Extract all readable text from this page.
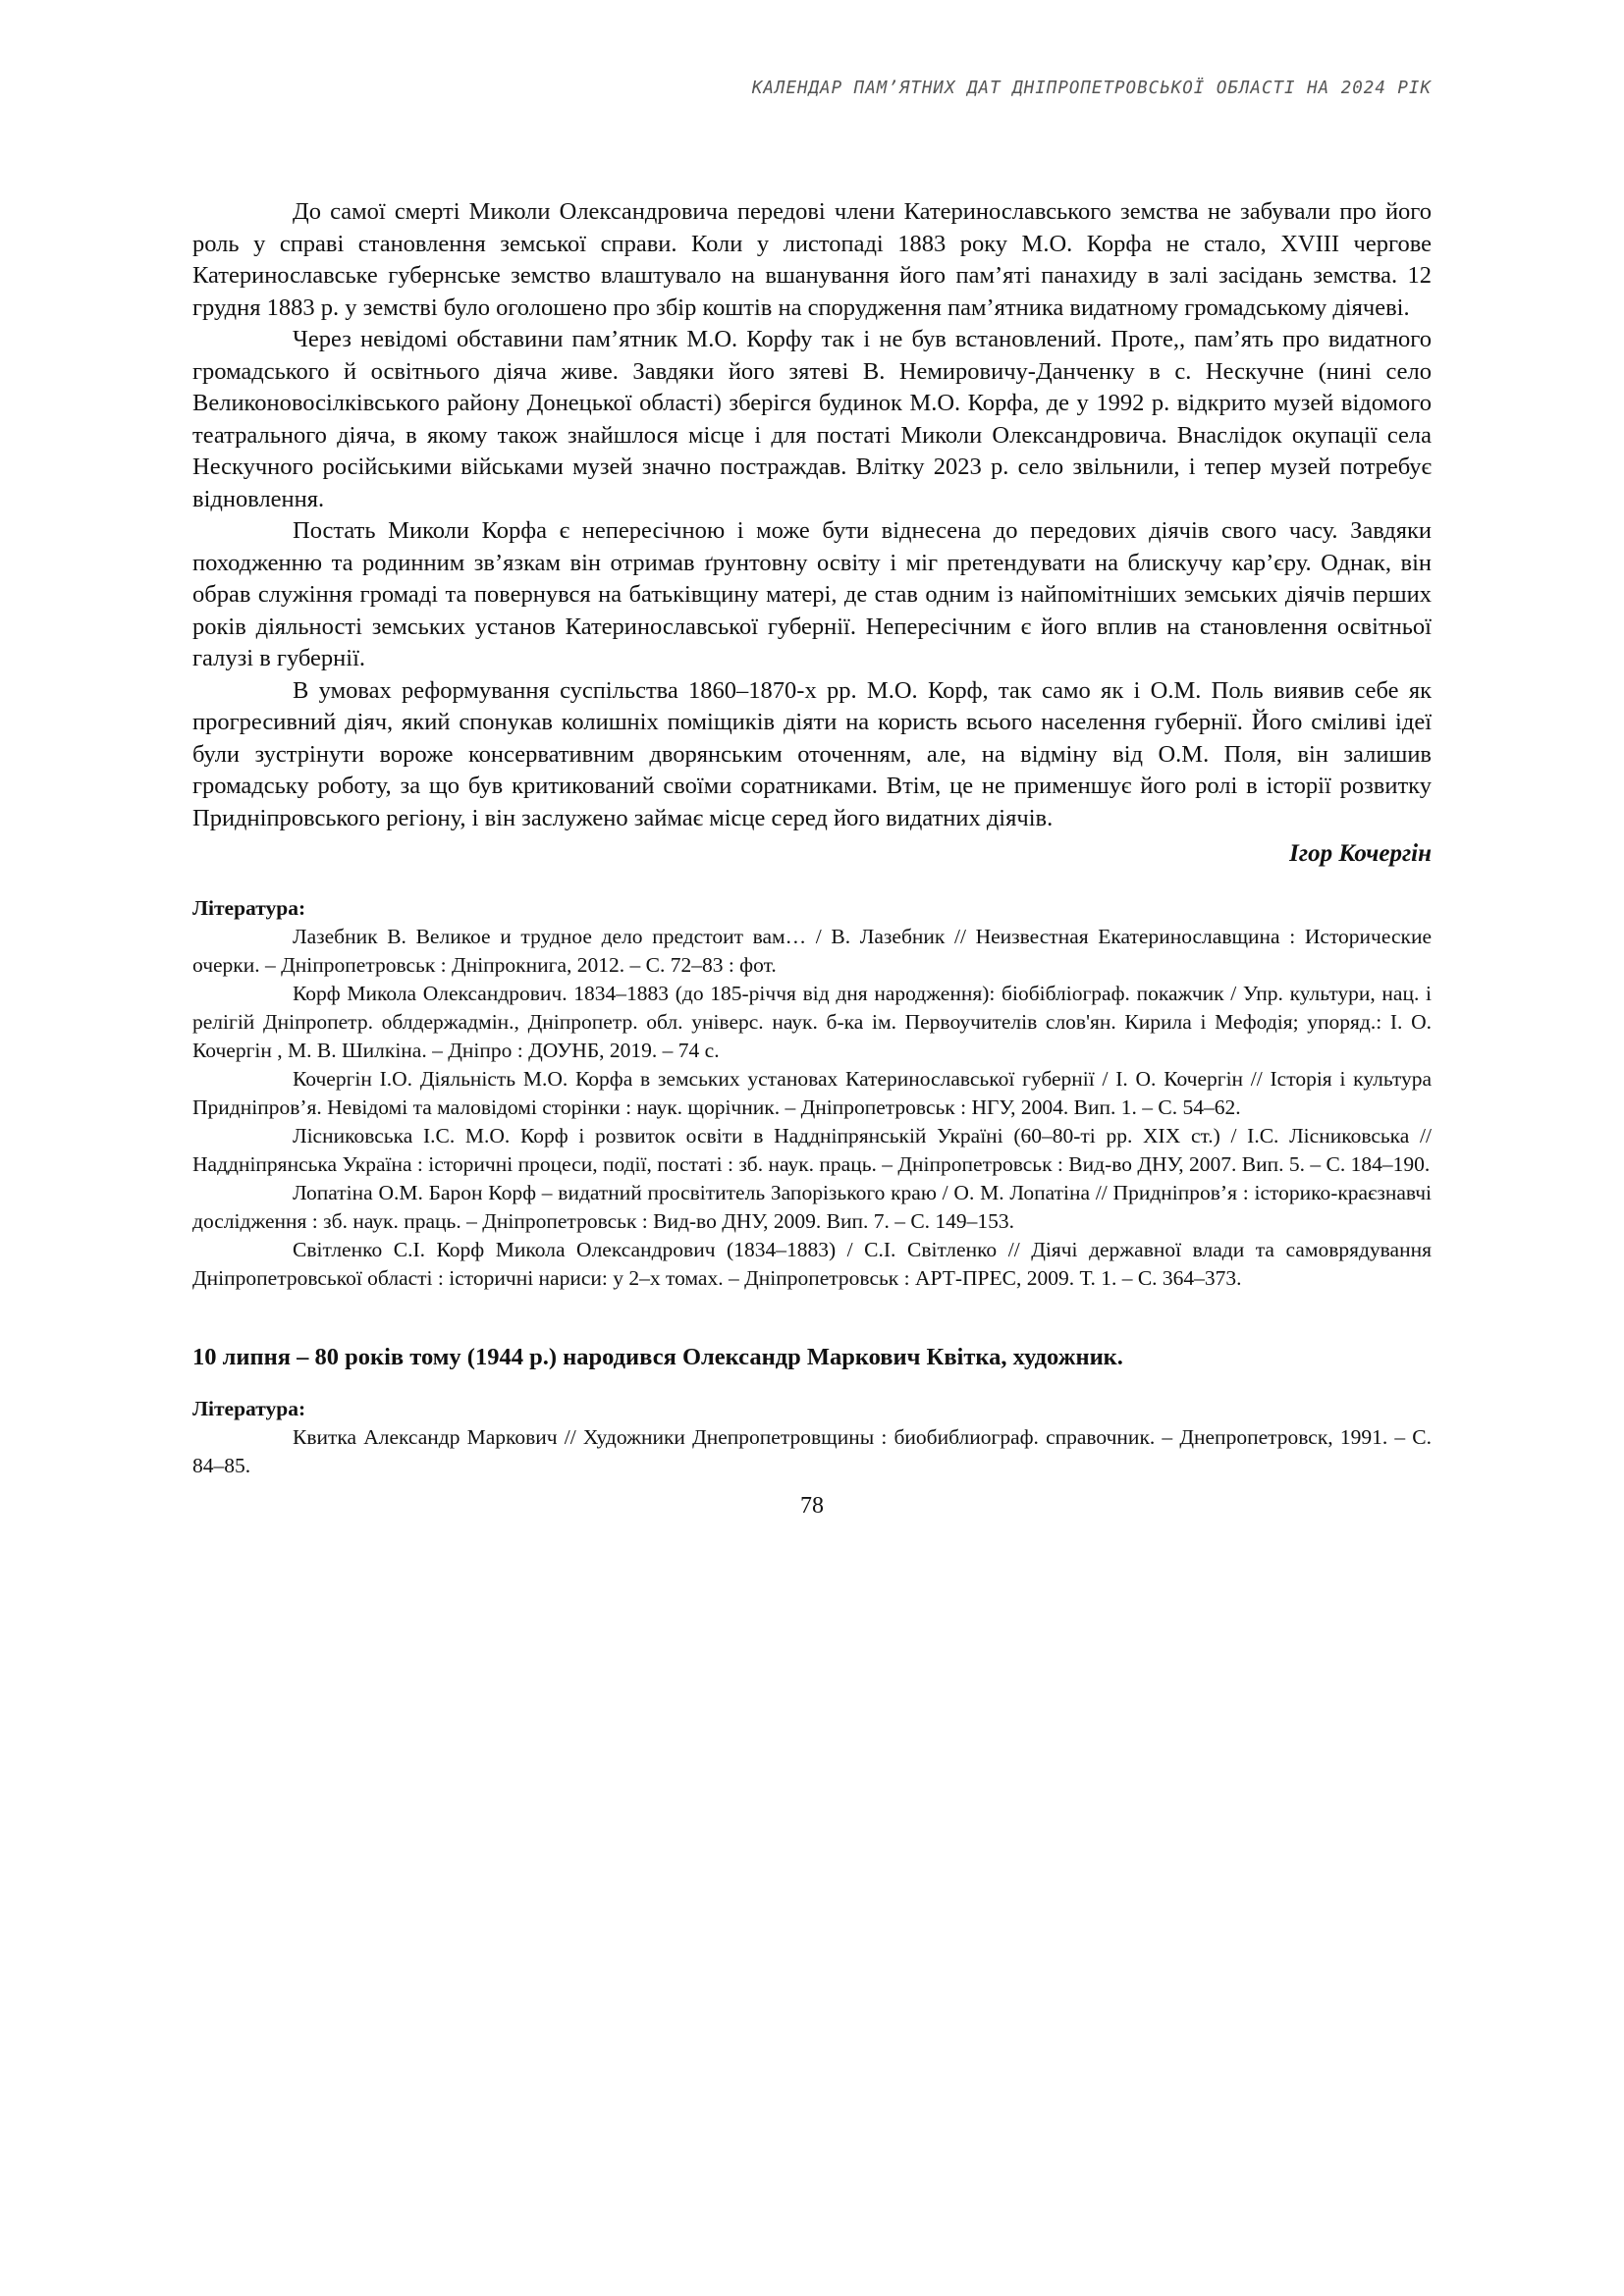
КАЛЕНДАР ПАМ’ЯТНИХ ДАТ ДНІПРОПЕТРОВСЬКОЇ ОБЛАСТІ НА 2024 РІК

До самої смерті Миколи Олександровича передові члени Катеринославського земства не забували про його роль у справі становлення земської справи. Коли у листопаді 1883 року М.О. Корфа не стало, XVIII чергове Катеринославське губернське земство влаштувало на вшанування його пам’яті панахиду в залі засідань земства. 12 грудня 1883 р. у земстві було оголошено про збір коштів на спорудження пам’ятника видатному громадському діячеві.

Через невідомі обставини пам’ятник М.О. Корфу так і не був встановлений. Проте,, пам’ять про видатного громадського й освітнього діяча живе. Завдяки його зятеві В. Немировичу-Данченку в с. Нескучне (нині село Великоновосілківського району Донецької області) зберігся будинок М.О. Корфа, де у 1992 р. відкрито музей відомого театрального діяча, в якому також знайшлося місце і для постаті Миколи Олександровича. Внаслідок окупації села Нескучного російськими військами музей значно постраждав. Влітку 2023 р. село звільнили, і тепер музей потребує відновлення.

Постать Миколи Корфа є непересічною і може бути віднесена до передових діячів свого часу. Завдяки походженню та родинним зв’язкам він отримав ґрунтовну освіту і міг претендувати на блискучу кар’єру. Однак, він обрав служіння громаді та повернувся на батьківщину матері, де став одним із найпомітніших земських діячів перших років діяльності земських установ Катеринославської губернії. Непересічним є його вплив на становлення освітньої галузі в губернії.

В умовах реформування суспільства 1860–1870-х рр. М.О. Корф, так само як і О.М. Поль виявив себе як прогресивний діяч, який спонукав колишніх поміщиків діяти на користь всього населення губернії. Його сміливі ідеї були зустрінути вороже консервативним дворянським оточенням, але, на відміну від О.М. Поля, він залишив громадську роботу, за що був критикований своїми соратниками. Втім, це не применшує його ролі в історії розвитку Придніпровського регіону, і він заслужено займає місце серед його видатних діячів.

Ігор Кочергін
Література:

Лазебник В. Великое и трудное дело предстоит вам… / В. Лазебник // Неизвестная Екатеринославщина : Исторические очерки. – Дніпропетровськ : Дніпрокнига, 2012. – С. 72–83 : фот.

Корф Микола Олександрович. 1834–1883 (до 185-річчя від дня народження): біобібліограф. покажчик / Упр. культури, нац. і релігій Дніпропетр. облдержадмін., Дніпропетр. обл. універс. наук. б-ка ім. Первоучителів слов'ян. Кирила і Мефодія; упоряд.: І. О. Кочергін , М. В. Шилкіна. – Дніпро : ДОУНБ, 2019. – 74 с.

Кочергін І.О. Діяльність М.О. Корфа в земських установах Катеринославської губернії / І. О. Кочергін // Історія і культура Придніпров’я. Невідомі та маловідомі сторінки : наук. щорічник. – Дніпропетровськ : НГУ, 2004. Вип. 1. – С. 54–62.

Лісниковська І.С. М.О. Корф і розвиток освіти в Наддніпрянській Україні (60–80-ті рр. ХІХ ст.) / І.С. Лісниковська // Наддніпрянська Україна : історичні процеси, події, постаті : зб. наук. праць. – Дніпропетровськ : Вид-во ДНУ, 2007. Вип. 5. – С. 184–190.

Лопатіна О.М. Барон Корф – видатний просвітитель Запорізького краю / О. М. Лопатіна // Придніпров’я : історико-краєзнавчі дослідження : зб. наук. праць. – Дніпропетровськ : Вид-во ДНУ, 2009. Вип. 7. – С. 149–153.

Світленко С.І. Корф Микола Олександрович (1834–1883) / С.І. Світленко // Діячі державної влади та самоврядування Дніпропетровської області : історичні нариси: у 2–х томах. – Дніпропетровськ : АРТ-ПРЕС, 2009. Т. 1. – С. 364–373.

10 липня – 80 років тому (1944 р.) народився Олександр Маркович Квітка, художник.
Література:

Квитка Александр Маркович // Художники Днепропетровщины : биобиблиограф. справочник. – Днепропетровск, 1991. – С. 84–85.

78
